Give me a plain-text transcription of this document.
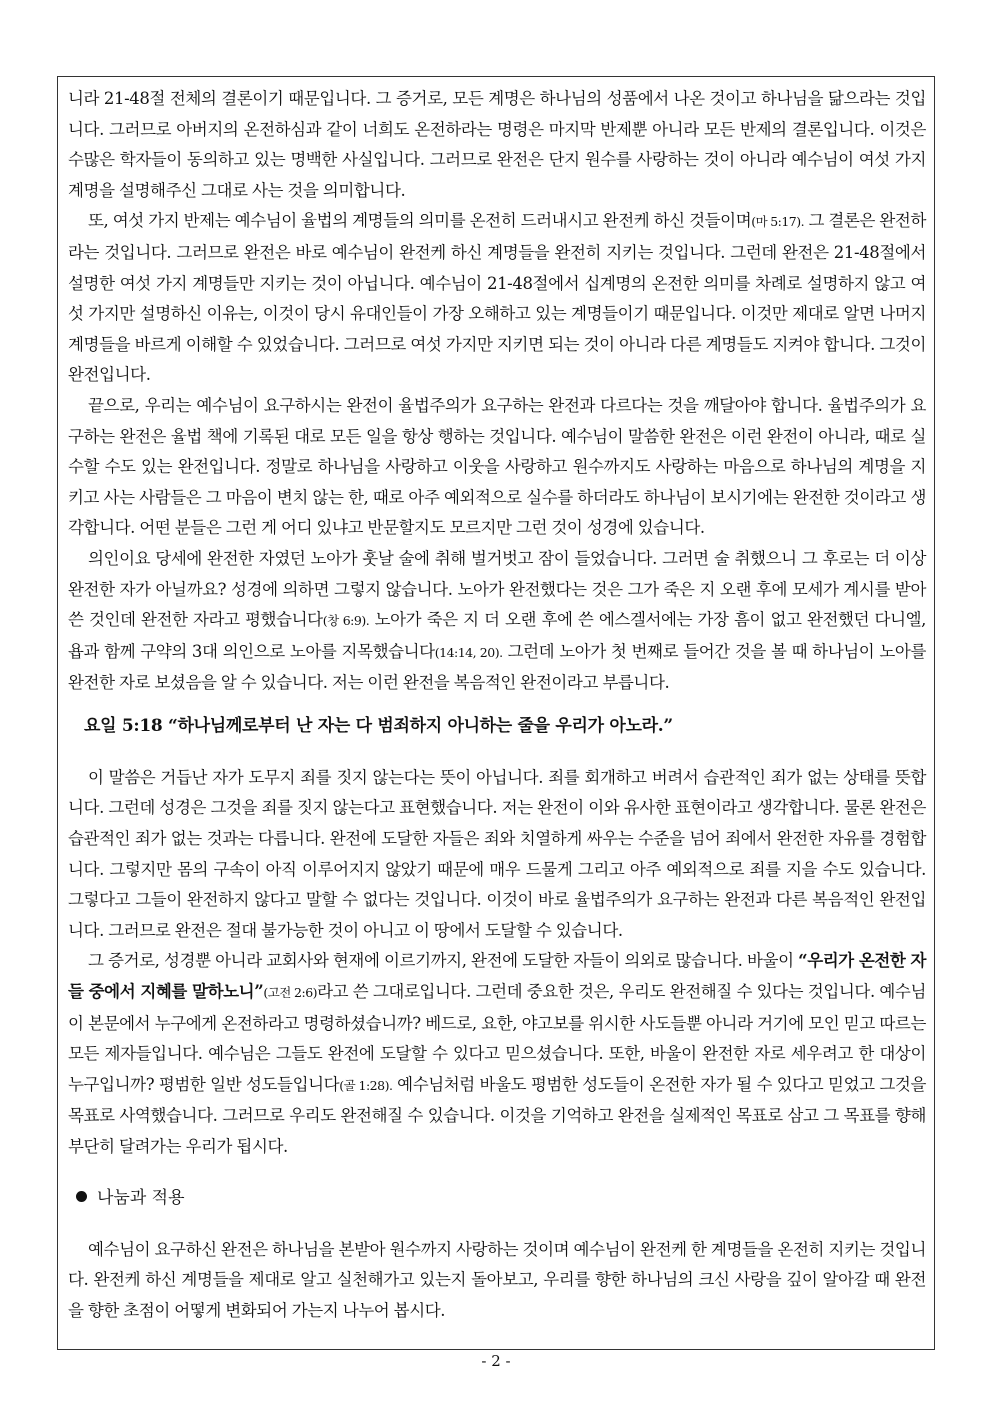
니라 21-48절 전체의 결론이기 때문입니다. 그 증거로, 모든 계명은 하나님의 성품에서 나온 것이고 하나님을 닮으라는 것입니다. 그러므로 아버지의 온전하심과 같이 너희도 온전하라는 명령은 마지막 반제뿐 아니라 모든 반제의 결론입니다. 이것은 수많은 학자들이 동의하고 있는 명백한 사실입니다. 그러므로 완전은 단지 원수를 사랑하는 것이 아니라 예수님이 여섯 가지 계명을 설명해주신 그대로 사는 것을 의미합니다.

또, 여섯 가지 반제는 예수님이 율법의 계명들의 의미를 온전히 드러내시고 완전케 하신 것들이며(마 5:17). 그 결론은 완전하라는 것입니다. 그러므로 완전은 바로 예수님이 완전케 하신 계명들을 완전히 지키는 것입니다. 그런데 완전은 21-48절에서 설명한 여섯 가지 계명들만 지키는 것이 아닙니다. 예수님이 21-48절에서 십계명의 온전한 의미를 차례로 설명하지 않고 여섯 가지만 설명하신 이유는, 이것이 당시 유대인들이 가장 오해하고 있는 계명들이기 때문입니다. 이것만 제대로 알면 나머지 계명들을 바르게 이해할 수 있었습니다. 그러므로 여섯 가지만 지키면 되는 것이 아니라 다른 계명들도 지켜야 합니다. 그것이 완전입니다.

끝으로, 우리는 예수님이 요구하시는 완전이 율법주의가 요구하는 완전과 다르다는 것을 깨달아야 합니다. 율법주의가 요구하는 완전은 율법 책에 기록된 대로 모든 일을 항상 행하는 것입니다. 예수님이 말씀한 완전은 이런 완전이 아니라, 때로 실수할 수도 있는 완전입니다. 정말로 하나님을 사랑하고 이웃을 사랑하고 원수까지도 사랑하는 마음으로 하나님의 계명을 지키고 사는 사람들은 그 마음이 변치 않는 한, 때로 아주 예외적으로 실수를 하더라도 하나님이 보시기에는 완전한 것이라고 생각합니다. 어떤 분들은 그런 게 어디 있냐고 반문할지도 모르지만 그런 것이 성경에 있습니다.

의인이요 당세에 완전한 자였던 노아가 훗날 술에 취해 벌거벗고 잠이 들었습니다. 그러면 술 취했으니 그 후로는 더 이상 완전한 자가 아닐까요? 성경에 의하면 그렇지 않습니다. 노아가 완전했다는 것은 그가 죽은 지 오랜 후에 모세가 계시를 받아 쓴 것인데 완전한 자라고 평했습니다(창 6:9). 노아가 죽은 지 더 오랜 후에 쓴 에스겔서에는 가장 흠이 없고 완전했던 다니엘, 욥과 함께 구약의 3대 의인으로 노아를 지목했습니다(14:14, 20). 그런데 노아가 첫 번째로 들어간 것을 볼 때 하나님이 노아를 완전한 자로 보셨음을 알 수 있습니다. 저는 이런 완전을 복음적인 완전이라고 부릅니다.

요일 5:18 “하나님께로부터 난 자는 다 범죄하지 아니하는 줄을 우리가 아노라.”

이 말씀은 거듭난 자가 도무지 죄를 짓지 않는다는 뜻이 아닙니다. 죄를 회개하고 버려서 습관적인 죄가 없는 상태를 뜻합니다. 그런데 성경은 그것을 죄를 짓지 않는다고 표현했습니다. 저는 완전이 이와 유사한 표현이라고 생각합니다. 물론 완전은 습관적인 죄가 없는 것과는 다릅니다. 완전에 도달한 자들은 죄와 치열하게 싸우는 수준을 넘어 죄에서 완전한 자유를 경험합니다. 그렇지만 몸의 구속이 아직 이루어지지 않았기 때문에 매우 드물게 그리고 아주 예외적으로 죄를 지을 수도 있습니다. 그렇다고 그들이 완전하지 않다고 말할 수 없다는 것입니다. 이것이 바로 율법주의가 요구하는 완전과 다른 복음적인 완전입니다. 그러므로 완전은 절대 불가능한 것이 아니고 이 땅에서 도달할 수 있습니다.

그 증거로, 성경뿐 아니라 교회사와 현재에 이르기까지, 완전에 도달한 자들이 의외로 많습니다. 바울이 “우리가 온전한 자들 중에서 지혜를 말하노니”(고전 2:6)라고 쓴 그대로입니다. 그런데 중요한 것은, 우리도 완전해질 수 있다는 것입니다. 예수님이 본문에서 누구에게 온전하라고 명령하셨습니까? 베드로, 요한, 야고보를 위시한 사도들뿐 아니라 거기에 모인 믿고 따르는 모든 제자들입니다. 예수님은 그들도 완전에 도달할 수 있다고 믿으셨습니다. 또한, 바울이 완전한 자로 세우려고 한 대상이 누구입니까? 평범한 일반 성도들입니다(골 1:28). 예수님처럼 바울도 평범한 성도들이 온전한 자가 될 수 있다고 믿었고 그것을 목표로 사역했습니다. 그러므로 우리도 완전해질 수 있습니다. 이것을 기억하고 완전을 실제적인 목표로 삼고 그 목표를 향해 부단히 달려가는 우리가 됩시다.

나눔과 적용

예수님이 요구하신 완전은 하나님을 본받아 원수까지 사랑하는 것이며 예수님이 완전케 한 계명들을 온전히 지키는 것입니다. 완전케 하신 계명들을 제대로 알고 실천해가고 있는지 돌아보고, 우리를 향한 하나님의 크신 사랑을 깊이 알아갈 때 완전을 향한 초점이 어떻게 변화되어 가는지 나누어 봅시다.

- 2 -
